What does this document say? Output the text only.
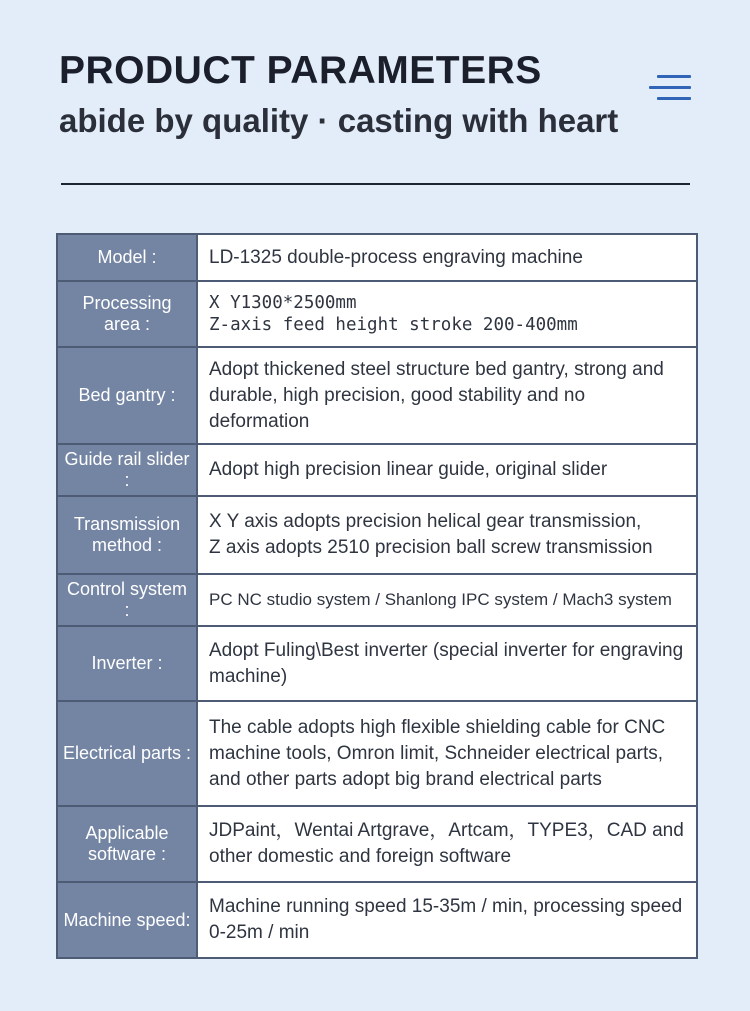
PRODUCT PARAMETERS
abide by quality · casting with heart
Model :	LD-1325 double-process engraving machine

Processing area :	X Y1300*2500mm
Z-axis feed height stroke 200-400mm

Bed gantry :	Adopt thickened steel structure bed gantry, strong and durable, high precision, good stability and no deformation

Guide rail slider :	Adopt high precision linear guide, original slider

Transmission method :	X Y axis adopts precision helical gear transmission,
Z axis adopts 2510 precision ball screw transmission

Control system :	PC NC studio system / Shanlong IPC system / Mach3 system

Inverter :	Adopt Fuling\Best inverter (special inverter for engraving machine)

Electrical parts :	The cable adopts high flexible shielding cable for CNC machine tools, Omron limit, Schneider electrical parts, and other parts adopt big brand electrical parts

Applicable software :	JDPaint，Wentai Artgrave，Artcam，TYPE3，CAD and other domestic and foreign software

Machine speed:	Machine running speed 15-35m / min, processing speed 0-25m / min
